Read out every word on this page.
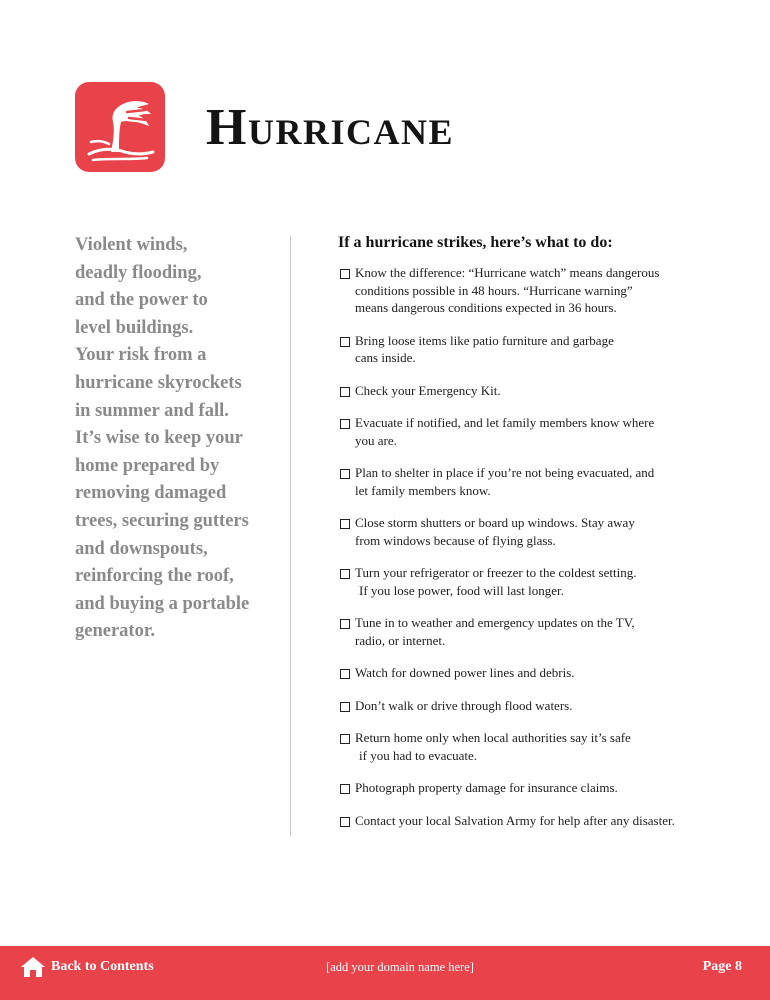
Hurricane
Violent winds,
deadly flooding,
and the power to
level buildings.
Your risk from a
hurricane skyrockets
in summer and fall.
It’s wise to keep your
home prepared by
removing damaged
trees, securing gutters
and downspouts,
reinforcing the roof,
and buying a portable
generator.
If a hurricane strikes, here’s what to do:
Know the difference: “Hurricane watch” means dangerous
conditions possible in 48 hours. “Hurricane warning”
means dangerous conditions expected in 36 hours.
Bring loose items like patio furniture and garbage
cans inside.
Check your Emergency Kit.
Evacuate if notified, and let family members know where
you are.
Plan to shelter in place if you’re not being evacuated, and
let family members know.
Close storm shutters or board up windows. Stay away
from windows because of flying glass.
Turn your refrigerator or freezer to the coldest setting.
If you lose power, food will last longer.
Tune in to weather and emergency updates on the TV,
radio, or internet.
Watch for downed power lines and debris.
Don’t walk or drive through flood waters.
Return home only when local authorities say it’s safe
if you had to evacuate.
Photograph property damage for insurance claims.
Contact your local Salvation Army for help after any disaster.
Back to Contents	[add your domain name here]	Page 8
